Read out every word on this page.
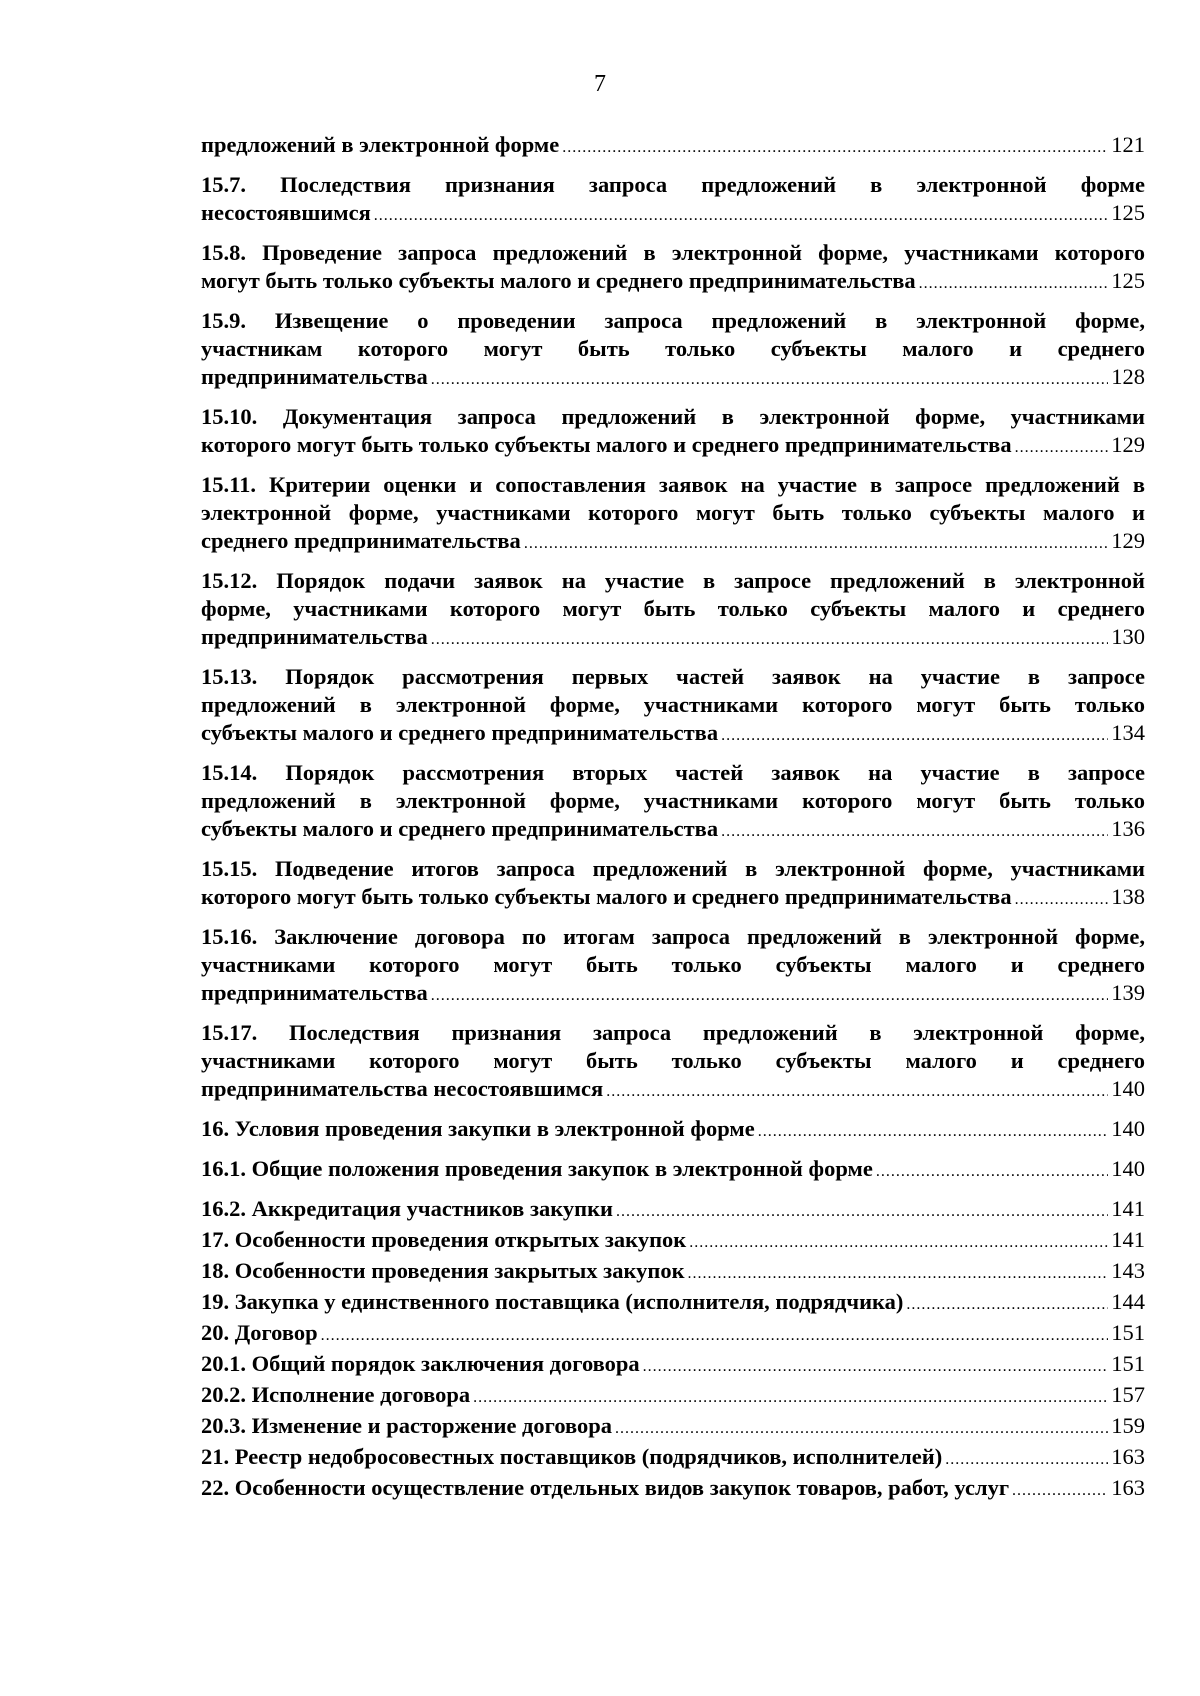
7
предложений в электронной форме .....	121
15.7. Последствия признания запроса предложений в электронной форме
несостоявшимся .....	125
15.8. Проведение запроса предложений в электронной форме, участниками которого
могут быть только субъекты малого и среднего предпринимательства .....	125
15.9. Извещение о проведении запроса предложений в электронной форме,
участникам которого могут быть только субъекты малого и среднего
предпринимательства .....	128
15.10. Документация запроса предложений в электронной форме, участниками
которого могут быть только субъекты малого и среднего предпринимательства .....	129
15.11. Критерии оценки и сопоставления заявок на участие в запросе предложений в
электронной форме, участниками которого могут быть только субъекты малого и
среднего предпринимательства .....	129
15.12. Порядок подачи заявок на участие в запросе предложений в электронной
форме, участниками которого могут быть только субъекты малого и среднего
предпринимательства .....	130
15.13. Порядок рассмотрения первых частей заявок на участие в запросе
предложений в электронной форме, участниками которого могут быть только
субъекты малого и среднего предпринимательства .....	134
15.14. Порядок рассмотрения вторых частей заявок на участие в запросе
предложений в электронной форме, участниками которого могут быть только
субъекты малого и среднего предпринимательства .....	136
15.15. Подведение итогов запроса предложений в электронной форме, участниками
которого могут быть только субъекты малого и среднего предпринимательства .....	138
15.16. Заключение договора по итогам запроса предложений в электронной форме,
участниками которого могут быть только субъекты малого и среднего
предпринимательства .....	139
15.17. Последствия признания запроса предложений в электронной форме,
участниками которого могут быть только субъекты малого и среднего
предпринимательства несостоявшимся .....	140
16. Условия проведения закупки в электронной форме .....	140
16.1. Общие положения проведения закупок в электронной форме .....	140
16.2. Аккредитация участников закупки .....	141
17. Особенности проведения открытых закупок .....	141
18. Особенности проведения закрытых закупок .....	143
19. Закупка у единственного поставщика (исполнителя, подрядчика) .....	144
20. Договор .....	151
20.1. Общий порядок заключения договора .....	151
20.2. Исполнение договора .....	157
20.3. Изменение и расторжение договора .....	159
21. Реестр недобросовестных поставщиков (подрядчиков, исполнителей) .....	163
22. Особенности осуществление отдельных видов закупок товаров, работ, услуг .....	163
